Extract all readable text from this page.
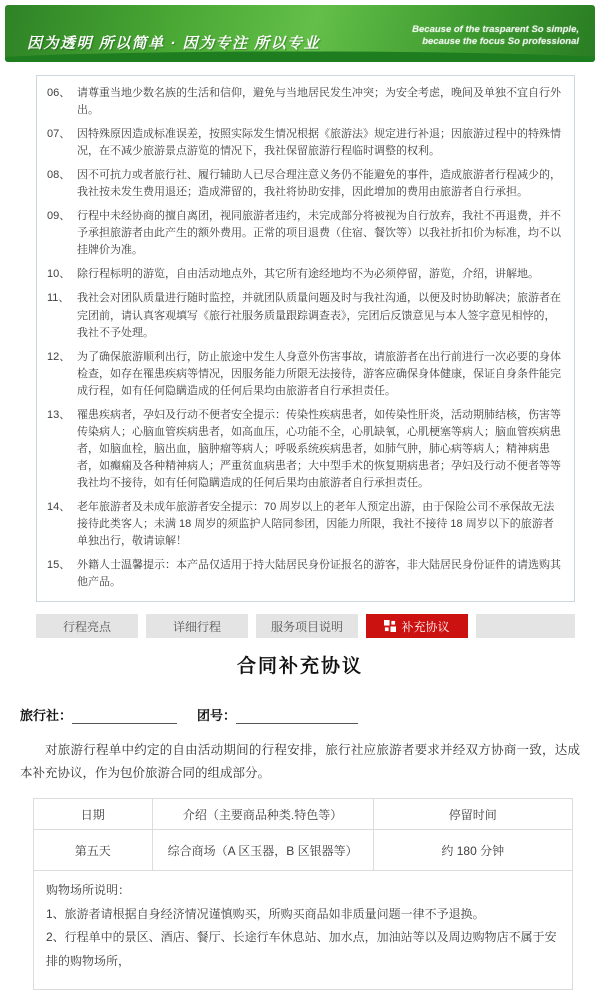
因为透明 所以简单 · 因为专注 所以专业
Because of the trasparent So simple,
because the focus So professional
06、 请尊重当地少数名族的生活和信仰，避免与当地居民发生冲突；为安全考虑，晚间及单独不宜自行外出。
07、 因特殊原因造成标准误差，按照实际发生情况根据《旅游法》规定进行补退；因旅游过程中的特殊情况，在不减少旅游景点游览的情况下，我社保留旅游行程临时调整的权利。
08、 因不可抗力或者旅行社、履行辅助人已尽合理注意义务仍不能避免的事件，造成旅游者行程减少的，我社按未发生费用退还；造成滞留的，我社将协助安排，因此增加的费用由旅游者自行承担。
09、 行程中未经协商的擅自离团，视同旅游者违约，未完成部分将被视为自行放弃，我社不再退费，并不予承担旅游者由此产生的额外费用。正常的项目退费（住宿、餐饮等）以我社折扣价为标准，均不以挂牌价为准。
10、 除行程标明的游览，自由活动地点外，其它所有途经地均不为必须停留，游览，介绍，讲解地。
11、 我社会对团队质量进行随时监控，并就团队质量问题及时与我社沟通，以便及时协助解决；旅游者在完团前，请认真客观填写《旅行社服务质量跟踪调查表》，完团后反馈意见与本人签字意见相悖的，我社不予处理。
12、 为了确保旅游顺利出行，防止旅途中发生人身意外伤害事故，请旅游者在出行前进行一次必要的身体检查，如存在罹患疾病等情况，因服务能力所限无法接待，游客应确保身体健康，保证自身条件能完成行程，如有任何隐瞒造成的任何后果均由旅游者自行承担责任。
13、 罹患疾病者，孕妇及行动不便者安全提示：传染性疾病患者，如传染性肝炎，活动期肺结核，伤害等传染病人；心脑血管疾病患者，如高血压，心功能不全，心肌缺氧，心肌梗塞等病人；脑血管疾病患者，如脑血栓，脑出血，脑肿瘤等病人；呼吸系统疾病患者，如肺气肿，肺心病等病人；精神病患者，如癫痫及各种精神病人；严重贫血病患者；大中型手术的恢复期病患者；孕妇及行动不便者等等我社均不接待，如有任何隐瞒造成的任何后果均由旅游者自行承担责任。
14、 老年旅游者及未成年旅游者安全提示：70 周岁以上的老年人预定出游，由于保险公司不承保故无法接待此类客人；未满 18 周岁的须监护人陪同参团，因能力所限，我社不接待 18 周岁以下的旅游者单独出行，敬请谅解！
15、 外籍人士温馨提示：本产品仅适用于持大陆居民身份证报名的游客，非大陆居民身份证件的请选购其他产品。
行程亮点	详细行程	服务项目说明	补充协议
合同补充协议
旅行社：	团号：

对旅游行程单中约定的自由活动期间的行程安排，旅行社应旅游者要求并经双方协商一致，达成本补充协议，作为包价旅游合同的组成部分。

日期	介绍（主要商品种类.特色等）	停留时间
第五天	综合商场（A 区玉器，B 区银器等）	约 180 分钟

购物场所说明：
1、旅游者请根据自身经济情况谨慎购买，所购买商品如非质量问题一律不予退换。
2、行程单中的景区、酒店、餐厅、长途行车休息站、加水点，加油站等以及周边购物店不属于安排的购物场所，		
